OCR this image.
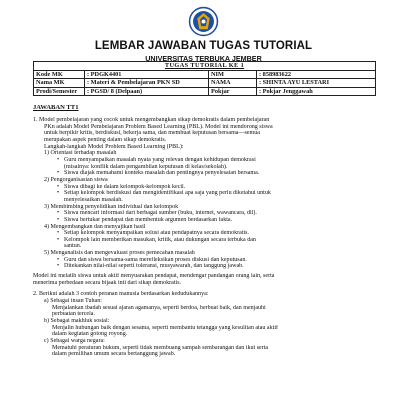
LEMBAR JAWABAN TUGAS TUTORIAL
UNIVERSITAS TERBUKA JEMBER
TUGAS TUTORIAL KE 1			
Kode MK	: PDGK4401	NIM	: 858983622
Nama MK	: Materi & Pembelajaran PKN SD	NAMA	: SHINTA AYU LESTARI
Prodi/Semester	: PGSD/ 8 (Delpaan)	Pokjar	: Pokjar Jenggawah
JAWABAN TT1

1. Model pembelajaran yang cocok untuk mengembangkan sikap demokratis dalam pembelajaran

PKn adalah Model Pembelajaran Problem Based Learning (PBL). Model ini mendorong siswa

untuk berpikir kritis, berdiskusi, bekerja sama, dan membuat keputusan bersama—semua

merupakan aspek penting dalam sikap demokratis.

Langkah-langkah Model Problem Based Learning (PBL):

1) Orientasi terhadap masalah

• Guru menyampaikan masalah nyata yang relevan dengan kehidupan demokrasi
(misalnya: konflik dalam pengambilan keputusan di kelas/sekolah).
• Siswa diajak memahami konteks masalah dan pentingnya penyelesaian bersama.

2) Pengorganisasian siswa

• Siswa dibagi ke dalam kelompok-kelompok kecil.
• Setiap kelompok berdiskusi dan mengidentifikasi apa saja yang perlu diketahui untuk
menyelesaikan masalah.

3) Membimbing penyelidikan individual dan kelompok

• Siswa mencari informasi dari berbagai sumber (buku, internet, wawancara, dll).
• Siswa bertukar pendapat dan membentuk argumen berdasarkan fakta.

4) Mengembangkan dan menyajikan hasil

• Setiap kelompok menyampaikan solusi atau pendapatnya secara demokratis.
• Kelompok lain memberikan masukan, kritik, atau dukungan secara terbuka dan
santun.

5) Menganalisis dan mengevaluasi proses pemecahan masalah

• Guru dan siswa bersama-sama merefleksikan proses diskusi dan keputusan.
• Ditekankan nilai-nilai seperti toleransi, musyawarah, dan tanggung jawab.

Model ini melatih siswa untuk aktif menyuarakan pendapat, mendengar pandangan orang lain, serta

menerima perbedaan secara bijaak inti dari sikap demokratis.

2. Berikut adalah 3 contoh peranan manusia berdasarkan kedudukannya:

a) Sebagai insan Tuhan:

Menjalankan ibadah sesuai ajaran agamanya, seperti berdoa, berbuat baik, dan menjauhi

perbuatan tercela.

b) Sebagai makhluk sosial:

Menjalin hubungan baik dengan sesama, seperti membantu tetangga yang kesulitan atau aktif

dalam kegiatan gotong royong.

c) Sebagai warga negara:

Mematuhi peraturan hukum, seperti tidak membuang sampah sembarangan dan ikut serta

dalam pemilihan umum secara bertanggung jawab.
